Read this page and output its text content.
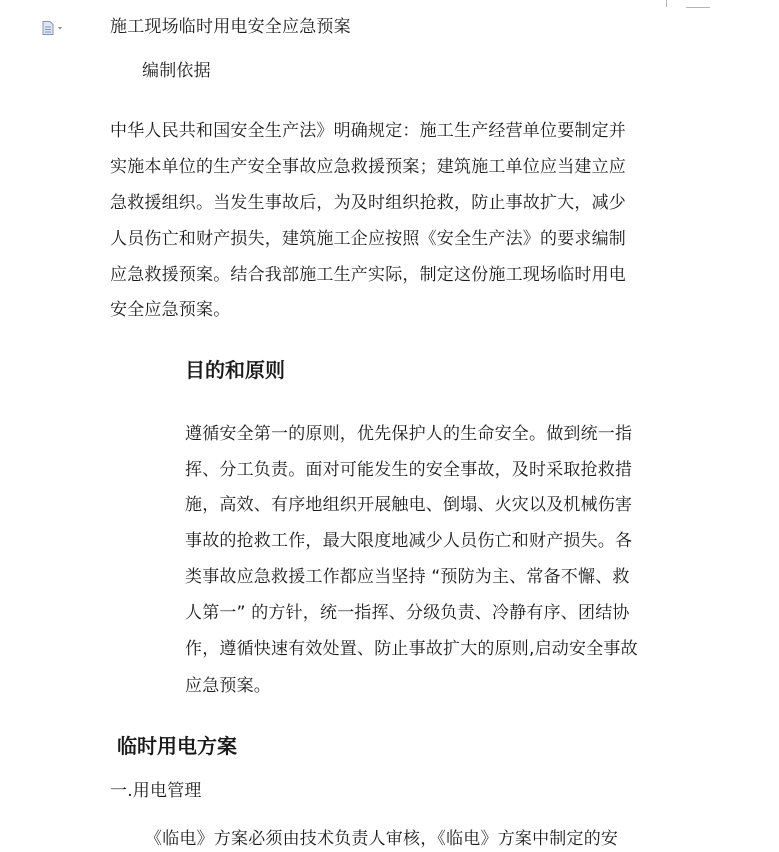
施工现场临时用电安全应急预案
编制依据
中华人民共和国安全生产法》明确规定：施工生产经营单位要制定并
实施本单位的生产安全事故应急救援预案；建筑施工单位应当建立应
急救援组织。当发生事故后，为及时组织抢救，防止事故扩大，减少
人员伤亡和财产损失，建筑施工企应按照《安全生产法》的要求编制
应急救援预案。结合我部施工生产实际，制定这份施工现场临时用电
安全应急预案。
目的和原则
遵循安全第一的原则，优先保护人的生命安全。做到统一指
挥、分工负责。面对可能发生的安全事故，及时采取抢救措
施，高效、有序地组织开展触电、倒塌、火灾以及机械伤害
事故的抢救工作，最大限度地减少人员伤亡和财产损失。各
类事故应急救援工作都应当坚持 “预防为主、常备不懈、救
人第一” 的方针，统一指挥、分级负责、冷静有序、团结协
作，遵循快速有效处置、防止事故扩大的原则,启动安全事故
应急预案。
临时用电方案
一.用电管理
《临电》方案必须由技术负责人审核，《临电》方案中制定的安
